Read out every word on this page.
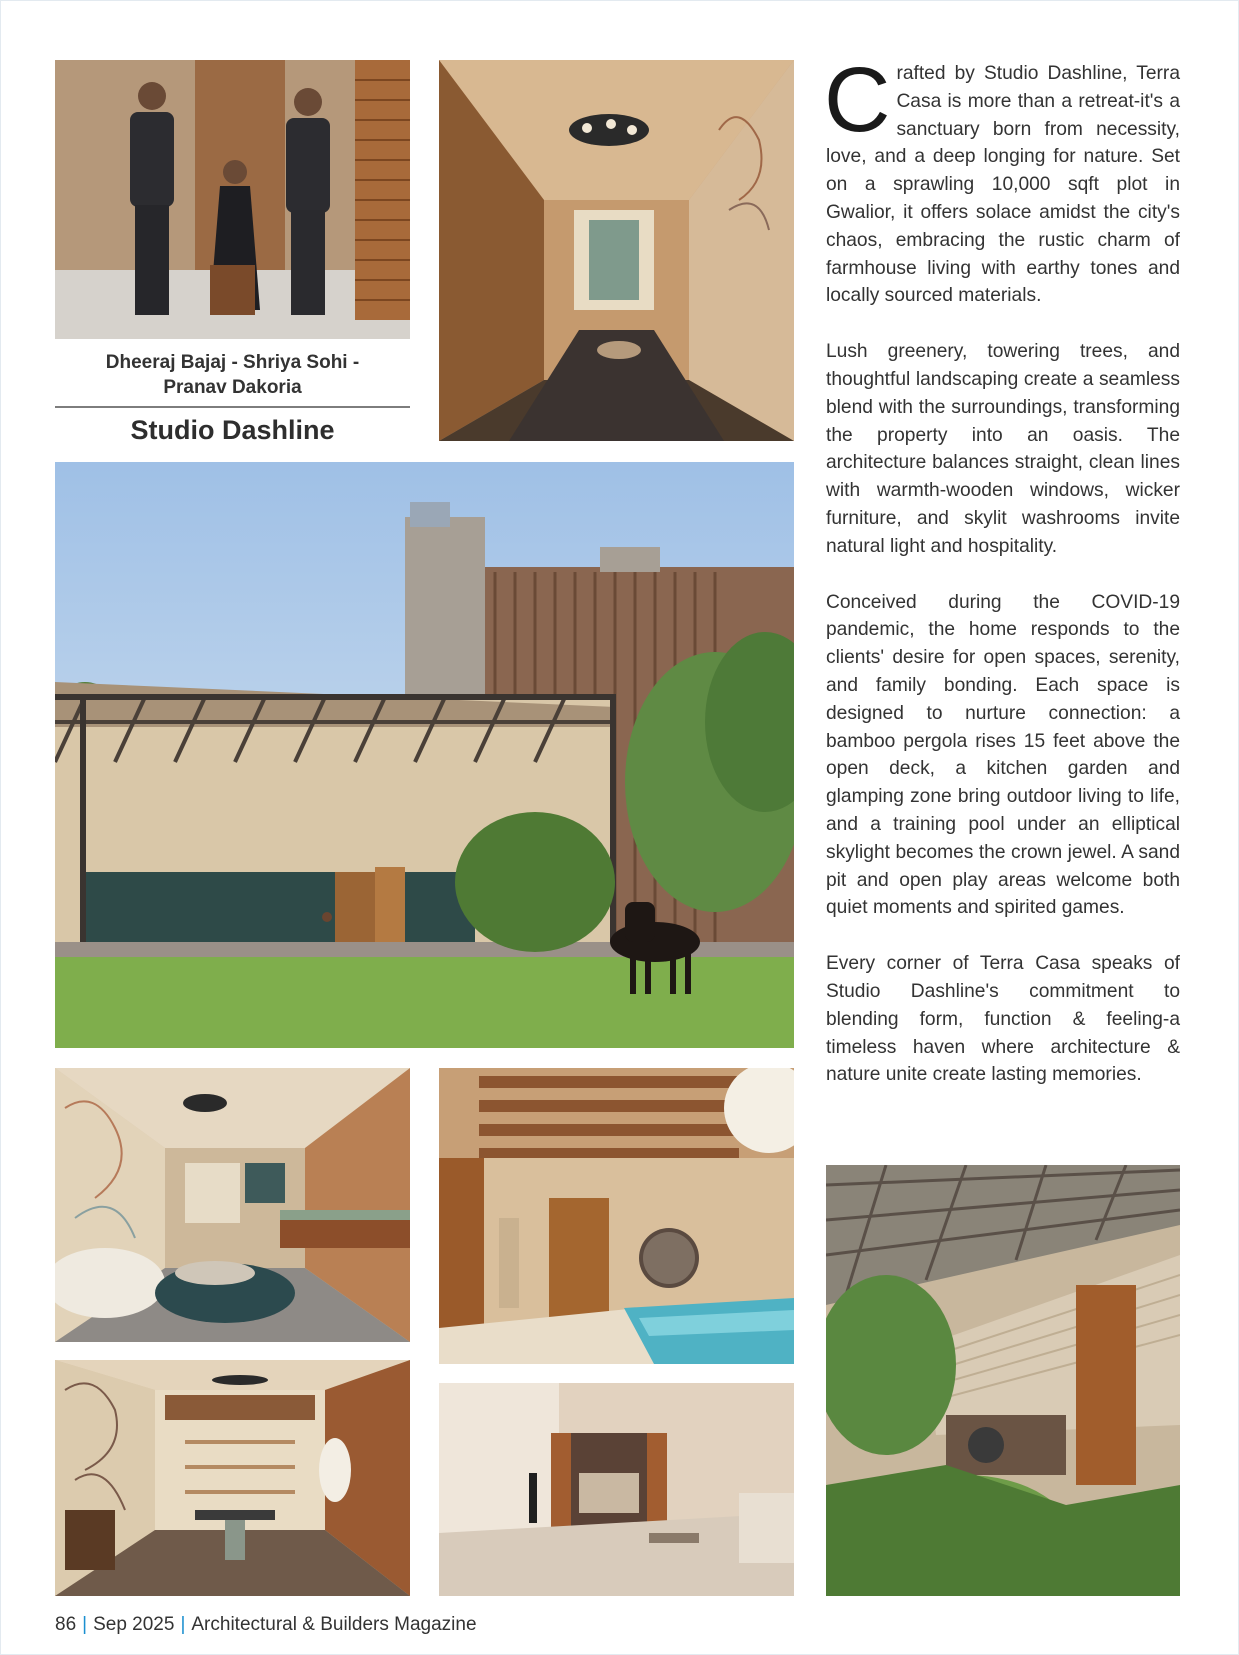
Dheeraj Bajaj - Shriya Sohi -
Pranav Dakoria
Studio Dashline

Crafted by Studio Dashline, Terra Casa is more than a retreat-it's a sanctuary born from necessity, love, and a deep longing for nature. Set on a sprawling 10,000 sqft plot in Gwalior, it offers solace amidst the city's chaos, embracing the rustic charm of farmhouse living with earthy tones and locally sourced materials.

Lush greenery, towering trees, and thoughtful landscaping create a seamless blend with the surroundings, transforming the property into an oasis. The architecture balances straight, clean lines with warmth-wooden windows, wicker furniture, and skylit washrooms invite natural light and hospitality.

Conceived during the COVID-19 pandemic, the home responds to the clients' desire for open spaces, serenity, and family bonding. Each space is designed to nurture connection: a bamboo pergola rises 15 feet above the open deck, a kitchen garden and glamping zone bring outdoor living to life, and a training pool under an elliptical skylight becomes the crown jewel. A sand pit and open play areas welcome both quiet moments and spirited games.

Every corner of Terra Casa speaks of Studio Dashline's commitment to blending form, function & feeling-a timeless haven where architecture & nature unite create lasting memories.

86 | Sep 2025 | Architectural & Builders Magazine
